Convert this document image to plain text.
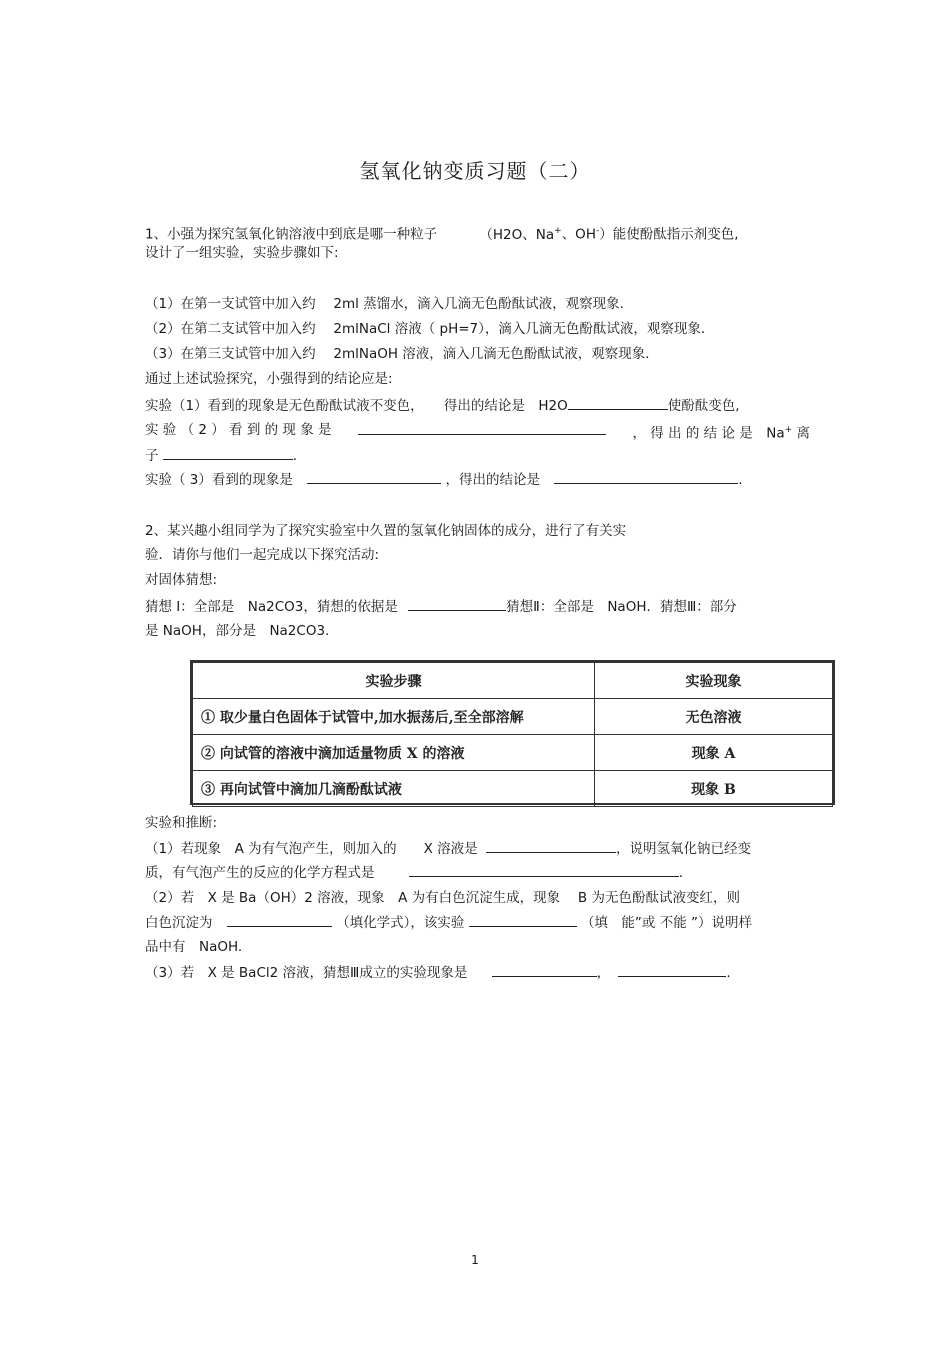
氢氧化钠变质习题（二）
1、小强为探究氢氧化钠溶液中到底是哪一种粒子	（H2O、Na+、OH-）能使酚酞指示剂变色,
设计了一组实验，实验步骤如下:
（1）在第一支试管中加入约　 2ml 蒸馏水，滴入几滴无色酚酞试液，观察现象.
（2）在第二支试管中加入约　 2mlNaCl 溶液（ pH=7），滴入几滴无色酚酞试液，观察现象.
（3）在第三支试管中加入约　 2mlNaOH 溶液，滴入几滴无色酚酞试液，观察现象.
通过上述试验探究，小强得到的结论应是:
实验（1）看到的现象是无色酚酞试液不变色，　　得出的结论是　H2O	使酚酞变色,
实 验 （ 2 ） 看 到 的 现 象 是	， 得 出 的 结 论 是　Na+ 离
子	.
实验（ 3）看到的现象是	，得出的结论是	.
2、某兴趣小组同学为了探究实验室中久置的氢氧化钠固体的成分，进行了有关实
验．请你与他们一起完成以下探究活动:
对固体猜想:
猜想 I：全部是　Na2CO3，猜想的依据是	猜想Ⅱ：全部是　NaOH．猜想Ⅲ：部分
是 NaOH，部分是　Na2CO3.
实验步骤	实验现象
① 取少量白色固体于试管中,加水振荡后,至全部溶解	无色溶液
② 向试管的溶液中滴加适量物质 X 的溶液	现象 A
③ 再向试管中滴加几滴酚酞试液	现象 B
实验和推断:
（1）若现象　A 为有气泡产生，则加入的　　X 溶液是	，说明氢氧化钠已经变
质，有气泡产生的反应的化学方程式是	.
（2）若　X 是 Ba（OH）2 溶液，现象　A 为有白色沉淀生成，现象　 B 为无色酚酞试液变红，则
白色沉淀为	（填化学式），该实验	（填　能”或 不能 ”）说明样
品中有　NaOH.
（3）若　X 是 BaCl2 溶液，猜想Ⅲ成立的实验现象是	，	.
1
